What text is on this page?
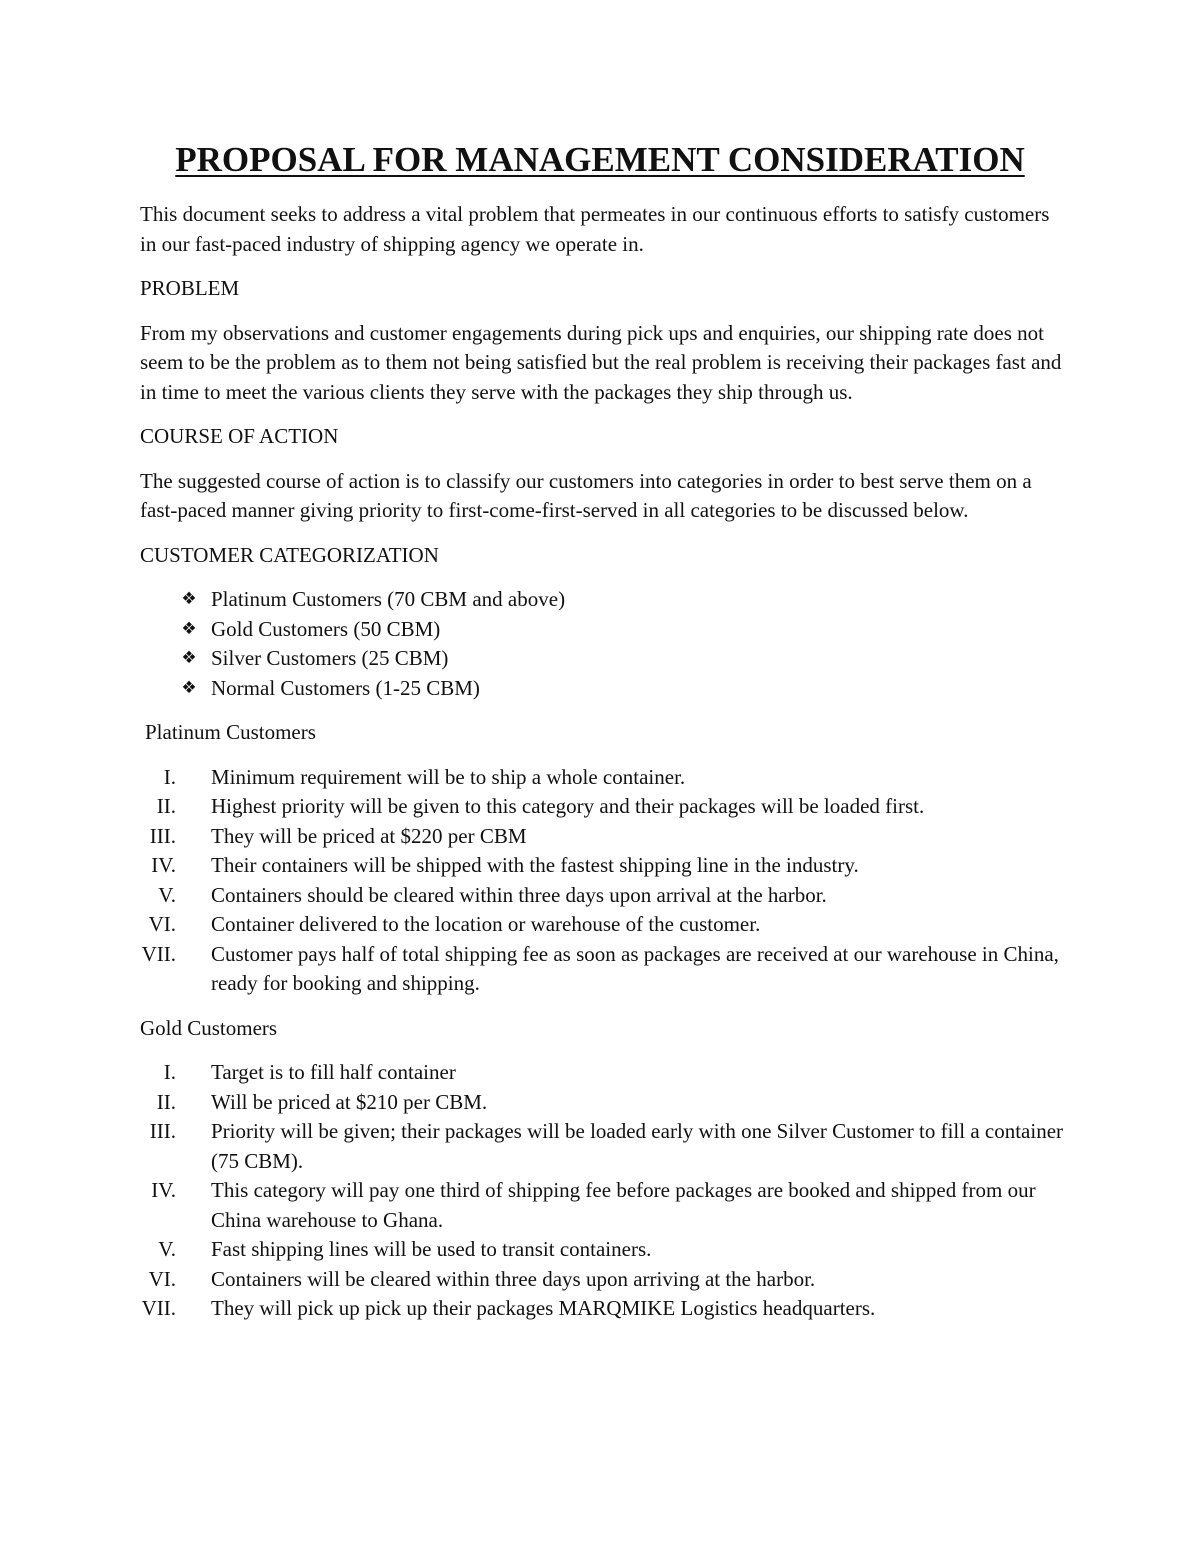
PROPOSAL FOR MANAGEMENT CONSIDERATION

This document seeks to address a vital problem that permeates in our continuous efforts to satisfy customers in our fast-paced industry of shipping agency we operate in.

PROBLEM

From my observations and customer engagements during pick ups and enquiries, our shipping rate does not seem to be the problem as to them not being satisfied but the real problem is receiving their packages fast and in time to meet the various clients they serve with the packages they ship through us.

COURSE OF ACTION

The suggested course of action is to classify our customers into categories in order to best serve them on a fast-paced manner giving priority to first-come-first-served in all categories to be discussed below.

CUSTOMER CATEGORIZATION
❖ Platinum Customers (70 CBM and above)
❖ Gold Customers (50 CBM)
❖ Silver Customers (25 CBM)
❖ Normal Customers (1-25 CBM)
Platinum Customers
I. Minimum requirement will be to ship a whole container.
II. Highest priority will be given to this category and their packages will be loaded first.
III. They will be priced at $220 per CBM
IV. Their containers will be shipped with the fastest shipping line in the industry.
V. Containers should be cleared within three days upon arrival at the harbor.
VI. Container delivered to the location or warehouse of the customer.
VII. Customer pays half of total shipping fee as soon as packages are received at our warehouse in China, ready for booking and shipping.
Gold Customers
I. Target is to fill half container
II. Will be priced at $210 per CBM.
III. Priority will be given; their packages will be loaded early with one Silver Customer to fill a container (75 CBM).
IV. This category will pay one third of shipping fee before packages are booked and shipped from our China warehouse to Ghana.
V. Fast shipping lines will be used to transit containers.
VI. Containers will be cleared within three days upon arriving at the harbor.
VII. They will pick up pick up their packages MARQMIKE Logistics headquarters.
